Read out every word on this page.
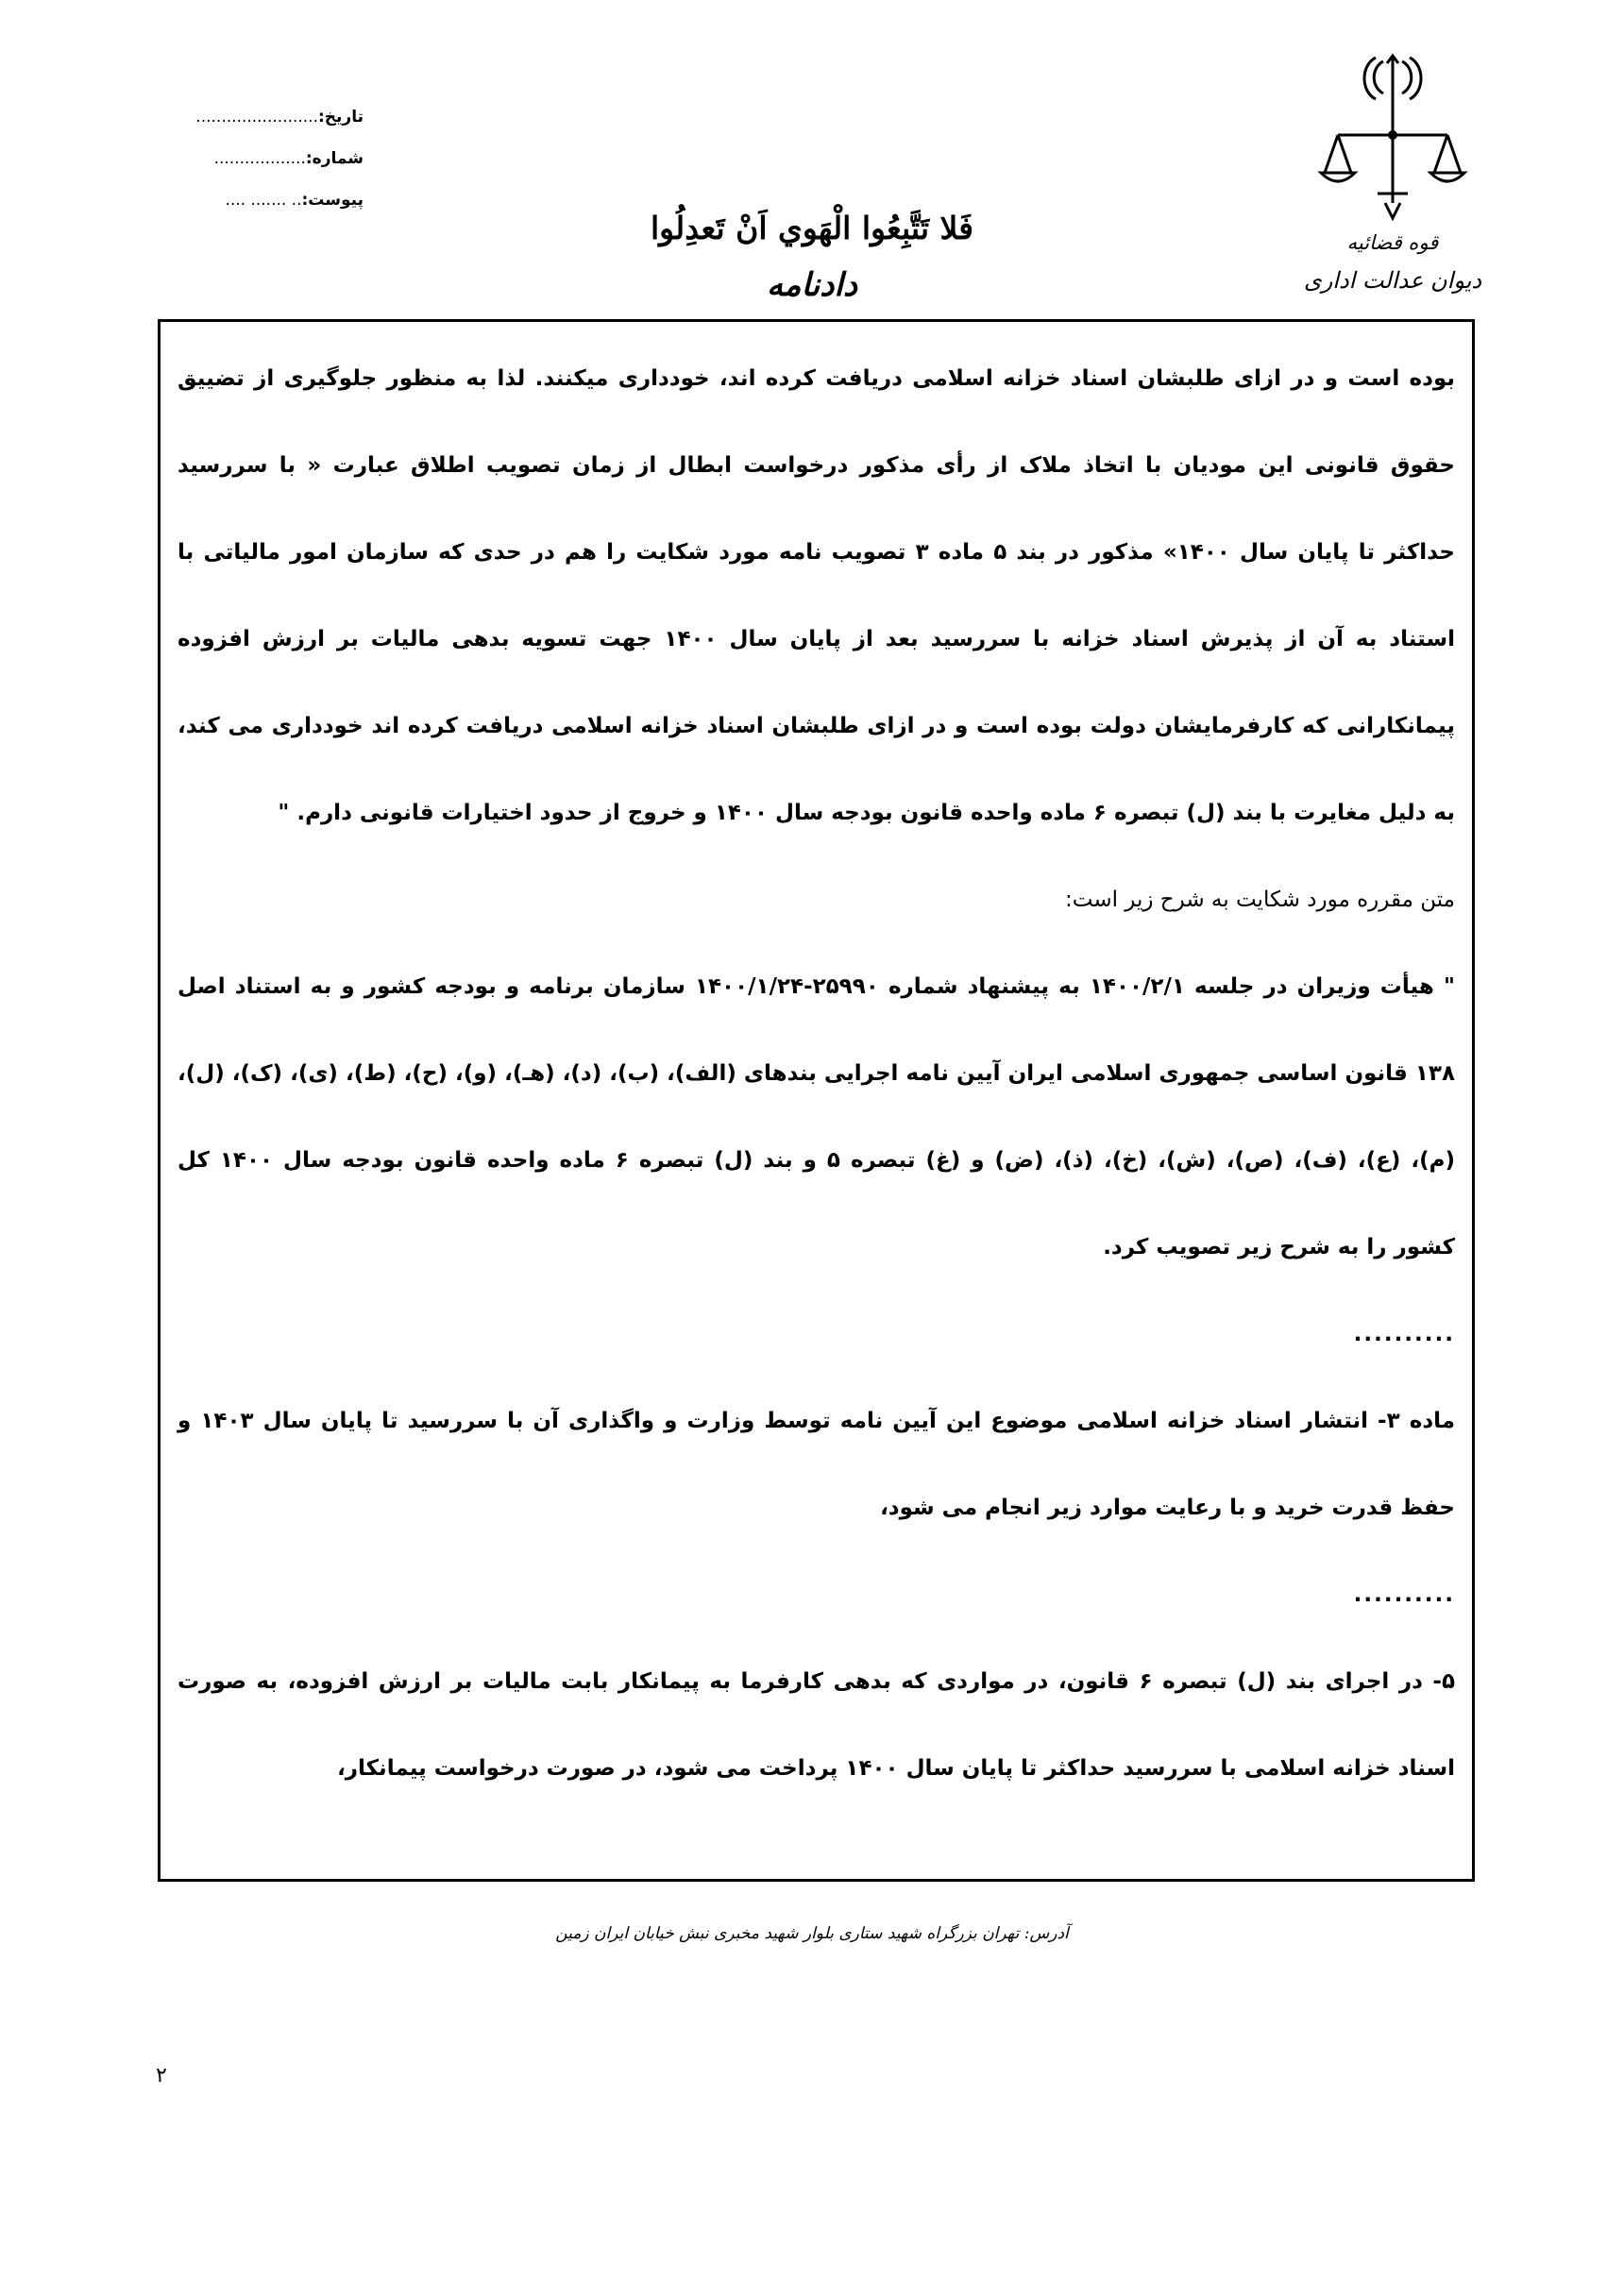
تاریخ:........................
شماره:..................
پیوست:.. ....... ....
قوه قضائیه
دیوان عدالت اداری
فَلا تَتَّبِعُوا الْهَوي اَنْ تَعدِلُوا
دادنامه

بوده است و در ازای طلبشان اسناد خزانه اسلامی دریافت کرده اند، خودداری میکنند. لذا به منظور جلوگیری از تضییق حقوق قانونی این مودیان با اتخاذ ملاک از رأی مذکور درخواست ابطال از زمان تصویب اطلاق عبارت « با سررسید حداکثر تا پایان سال ۱۴۰۰» مذکور در بند ۵ ماده ۳ تصویب نامه مورد شکایت را هم در حدی که سازمان امور مالیاتی با استناد به آن از پذیرش اسناد خزانه با سررسید بعد از پایان سال ۱۴۰۰ جهت تسویه بدهی مالیات بر ارزش افزوده پیمانکارانی که کارفرمایشان دولت بوده است و در ازای طلبشان اسناد خزانه اسلامی دریافت کرده اند خودداری می کند، به دلیل مغایرت با بند (ل) تبصره ۶ ماده واحده قانون بودجه سال ۱۴۰۰ و خروج از حدود اختیارات قانونی دارم. "

متن مقرره مورد شکایت به شرح زیر است:

" هیأت وزیران در جلسه ۱۴۰۰/۲/۱ به پیشنهاد شماره ۲۵۹۹۰-۱۴۰۰/۱/۲۴ سازمان برنامه و بودجه کشور و به استناد اصل ۱۳۸ قانون اساسی جمهوری اسلامی ایران آیین نامه اجرایی بندهای (الف)، (ب)، (د)، (هـ)، (و)، (ح)، (ط)، (ی)، (ک)، (ل)، (م)، (ع)، (ف)، (ص)، (ش)، (خ)، (ذ)، (ض) و (غ) تبصره ۵ و بند (ل) تبصره ۶ ماده واحده قانون بودجه سال ۱۴۰۰ کل کشور را به شرح زیر تصویب کرد.

..........

ماده ۳- انتشار اسناد خزانه اسلامی موضوع این آیین نامه توسط وزارت و واگذاری آن با سررسید تا پایان سال ۱۴۰۳ و حفظ قدرت خرید و با رعایت موارد زیر انجام می شود،

..........

۵- در اجرای بند (ل) تبصره ۶ قانون، در مواردی که بدهی کارفرما به پیمانکار بابت مالیات بر ارزش افزوده، به صورت اسناد خزانه اسلامی با سررسید حداکثر تا پایان سال ۱۴۰۰ پرداخت می شود، در صورت درخواست پیمانکار،

آدرس: تهران بزرگراه شهید ستاری بلوار شهید مخبری نبش خیابان ایران زمین
۲
